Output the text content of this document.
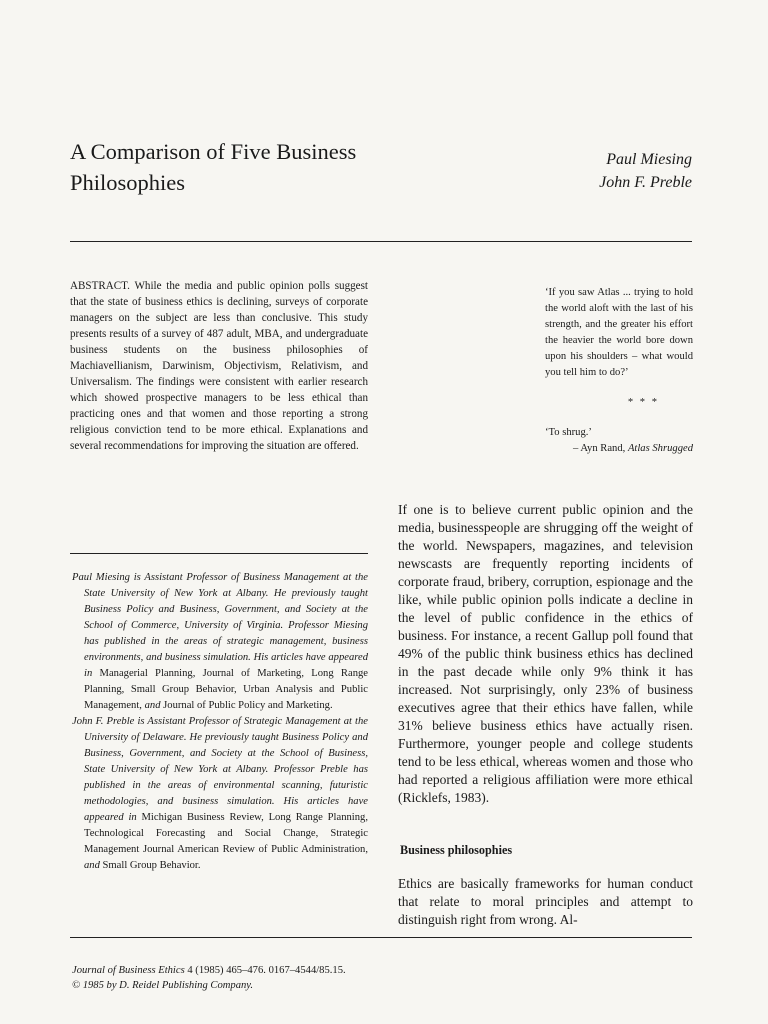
A Comparison of Five Business
Philosophies
Paul Miesing
John F. Preble
ABSTRACT. While the media and public opinion polls suggest that the state of business ethics is declining, surveys of corporate managers on the subject are less than conclusive. This study presents results of a survey of 487 adult, MBA, and undergraduate business students on the business philosophies of Machiavellianism, Darwinism, Objectivism, Relativism, and Universalism. The findings were consistent with earlier research which showed prospective managers to be less ethical than practicing ones and that women and those reporting a strong religious conviction tend to be more ethical. Explanations and several recommendations for improving the situation are offered.
‘If you saw Atlas ... trying to hold the world aloft with the last of his strength, and the greater his effort the heavier the world bore down upon his shoulders – what would you tell him to do?’
* * *
‘To shrug.’
– Ayn Rand, Atlas Shrugged

Paul Miesing is Assistant Professor of Business Management at the State University of New York at Albany. He previously taught Business Policy and Business, Government, and Society at the School of Commerce, University of Virginia. Professor Miesing has published in the areas of strategic management, business environments, and business simulation. His articles have appeared in Managerial Planning, Journal of Marketing, Long Range Planning, Small Group Behavior, Urban Analysis and Public Management, and Journal of Public Policy and Marketing.

John F. Preble is Assistant Professor of Strategic Management at the University of Delaware. He previously taught Business Policy and Business, Government, and Society at the School of Business, State University of New York at Albany. Professor Preble has published in the areas of environmental scanning, futuristic methodologies, and business simulation. His articles have appeared in Michigan Business Review, Long Range Planning, Technological Forecasting and Social Change, Strategic Management Journal American Review of Public Administration, and Small Group Behavior.

If one is to believe current public opinion and the media, businesspeople are shrugging off the weight of the world. Newspapers, magazines, and television newscasts are frequently reporting incidents of corporate fraud, bribery, corruption, espionage and the like, while public opinion polls indicate a decline in the level of public confidence in the ethics of business. For instance, a recent Gallup poll found that 49% of the public think business ethics has declined in the past decade while only 9% think it has increased. Not surprisingly, only 23% of business executives agree that their ethics have fallen, while 31% believe business ethics have actually risen. Furthermore, younger people and college students tend to be less ethical, whereas women and those who had reported a religious affiliation were more ethical (Ricklefs, 1983).

Business philosophies
Ethics are basically frameworks for human conduct that relate to moral principles and attempt to distinguish right from wrong. Al-
Journal of Business Ethics 4 (1985) 465–476. 0167–4544/85.15.
© 1985 by D. Reidel Publishing Company.
